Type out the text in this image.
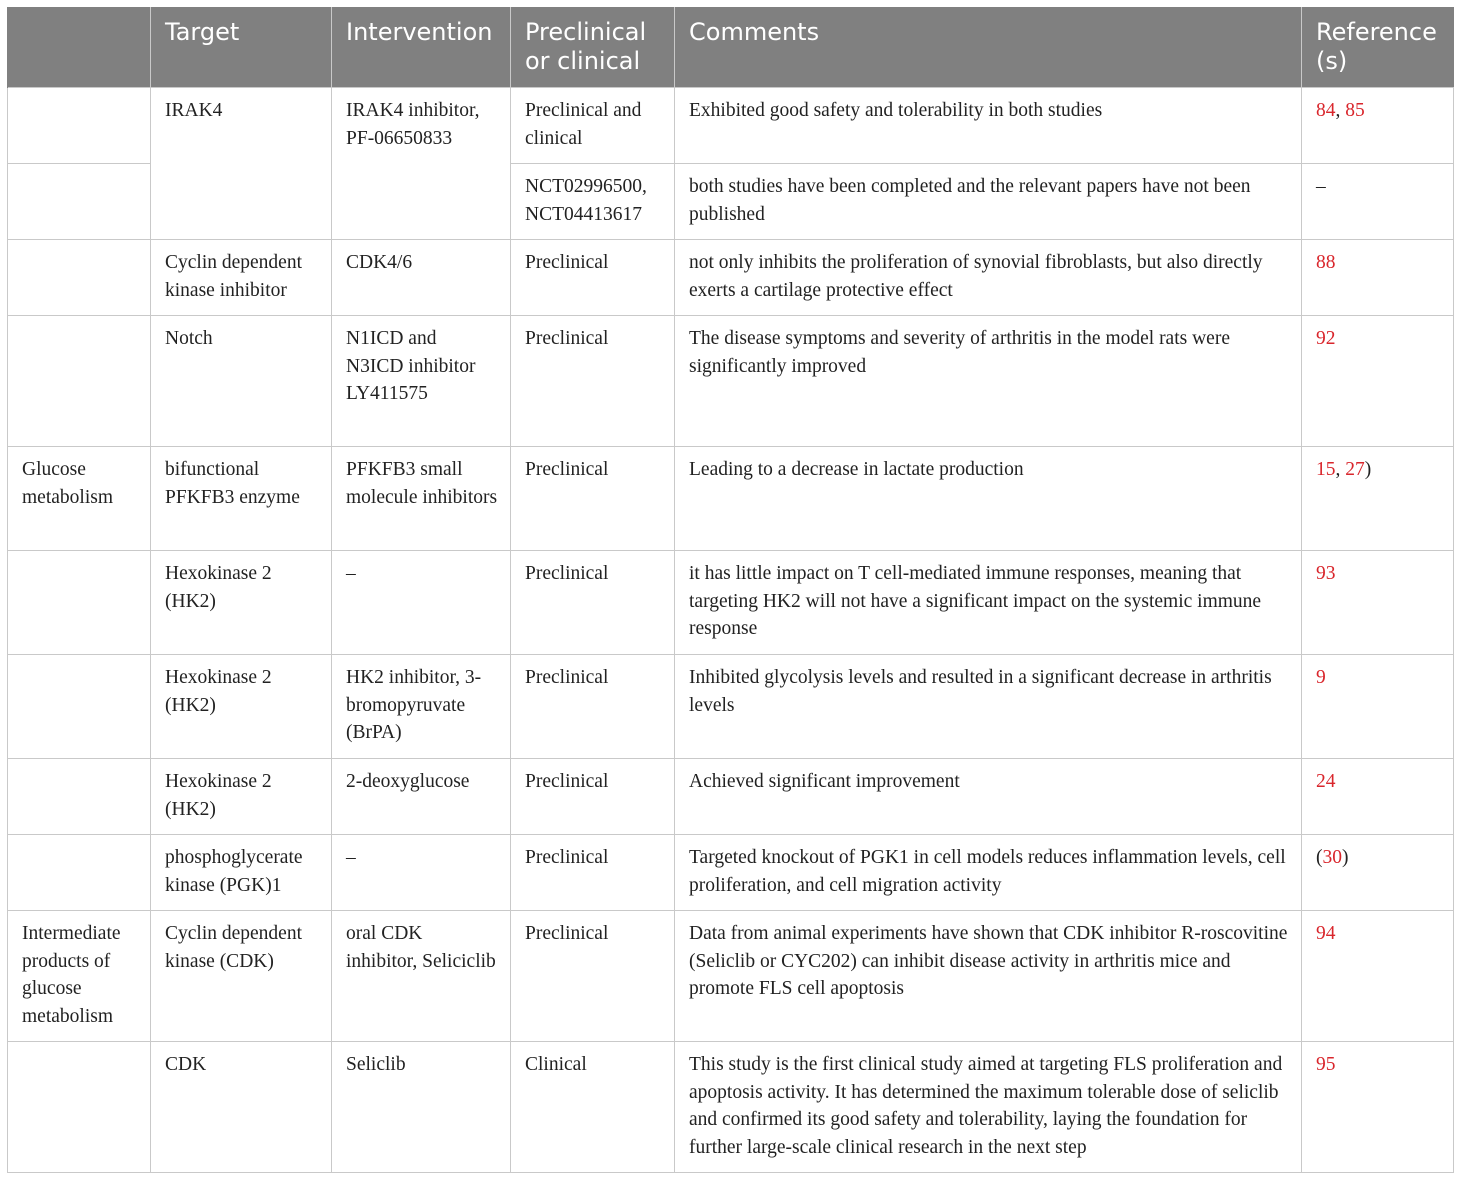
	Target	Intervention	Preclinical or clinical	Comments	Reference (s)
	IRAK4	IRAK4 inhibitor, PF-06650833	Preclinical and clinical	Exhibited good safety and tolerability in both studies	84, 85
			NCT02996500, NCT04413617	both studies have been completed and the relevant papers have not been published	–
	Cyclin dependent kinase inhibitor	CDK4/6	Preclinical	not only inhibits the proliferation of synovial fibroblasts, but also directly exerts a cartilage protective effect	88
	Notch	N1ICD and N3ICD inhibitor LY411575	Preclinical	The disease symptoms and severity of arthritis in the model rats were significantly improved	92
Glucose metabolism	bifunctional PFKFB3 enzyme	PFKFB3 small molecule inhibitors	Preclinical	Leading to a decrease in lactate production	15, 27)
	Hexokinase 2 (HK2)	–	Preclinical	it has little impact on T cell-mediated immune responses, meaning that targeting HK2 will not have a significant impact on the systemic immune response	93
	Hexokinase 2 (HK2)	HK2 inhibitor, 3-bromopyruvate (BrPA)	Preclinical	Inhibited glycolysis levels and resulted in a significant decrease in arthritis levels	9
	Hexokinase 2 (HK2)	2-deoxyglucose	Preclinical	Achieved significant improvement	24
	phosphoglycerate kinase (PGK)1	–	Preclinical	Targeted knockout of PGK1 in cell models reduces inflammation levels, cell proliferation, and cell migration activity	(30)
Intermediate products of glucose metabolism	Cyclin dependent kinase (CDK)	oral CDK inhibitor, Seliciclib	Preclinical	Data from animal experiments have shown that CDK inhibitor R-roscovitine (Seliclib or CYC202) can inhibit disease activity in arthritis mice and promote FLS cell apoptosis	94
	CDK	Seliclib	Clinical	This study is the first clinical study aimed at targeting FLS proliferation and apoptosis activity. It has determined the maximum tolerable dose of seliclib and confirmed its good safety and tolerability, laying the foundation for further large-scale clinical research in the next step	95
